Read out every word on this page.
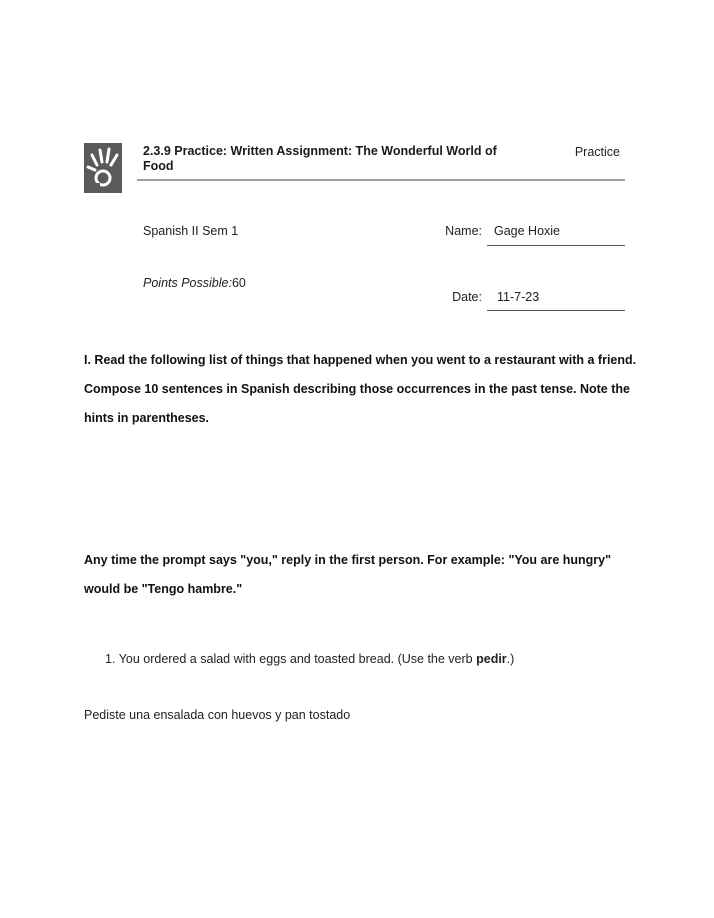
2.3.9 Practice: Written Assignment: The Wonderful World of Food
Practice
Spanish II Sem 1	Name: Gage Hoxie
Points Possible:60
Date: 11-7-23
I. Read the following list of things that happened when you went to a restaurant with a friend. Compose 10 sentences in Spanish describing those occurrences in the past tense. Note the hints in parentheses.
Any time the prompt says "you," reply in the first person. For example: "You are hungry" would be "Tengo hambre."
1. You ordered a salad with eggs and toasted bread. (Use the verb pedir.)
Pediste una ensalada con huevos y pan tostado
